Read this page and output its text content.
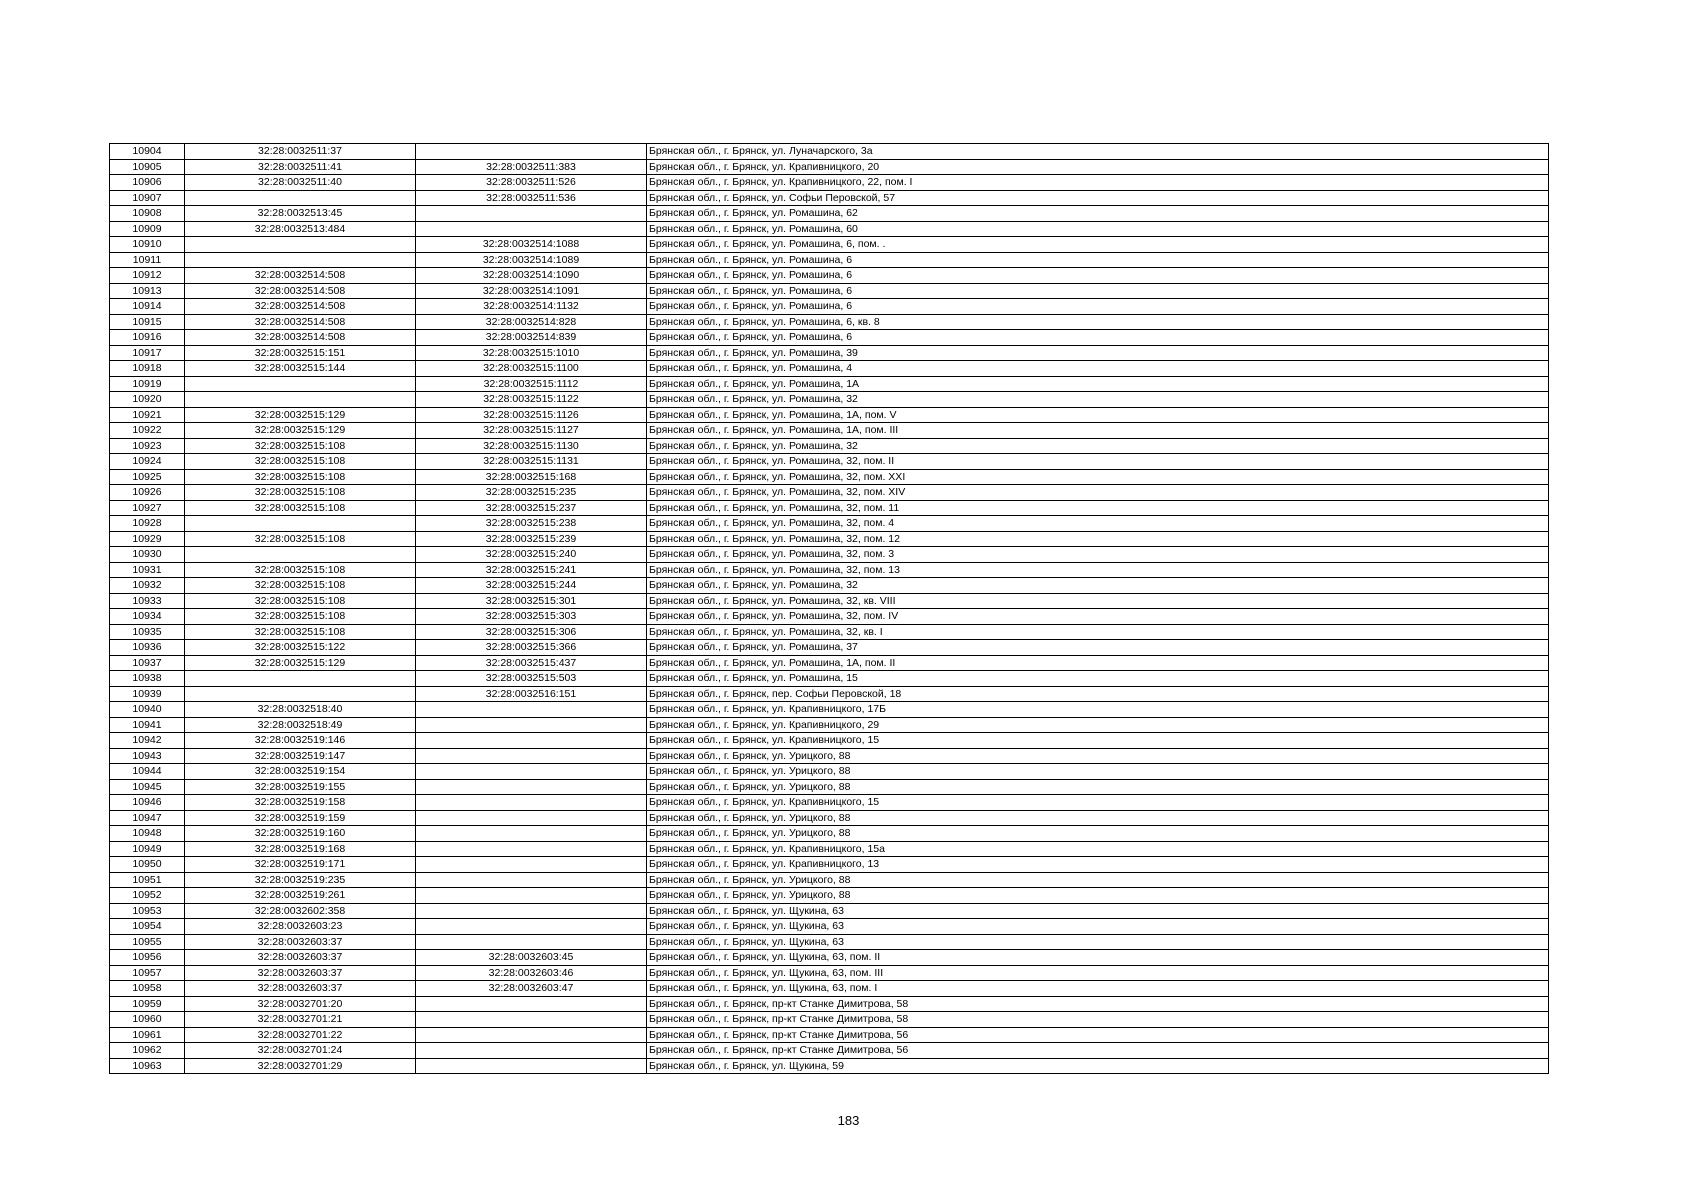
10904	32:28:0032511:37		Брянская обл., г. Брянск, ул. Луначарского, 3а
10905	32:28:0032511:41	32:28:0032511:383	Брянская обл., г. Брянск, ул. Крапивницкого, 20
10906	32:28:0032511:40	32:28:0032511:526	Брянская обл., г. Брянск, ул. Крапивницкого, 22, пом. I
10907		32:28:0032511:536	Брянская обл., г. Брянск, ул. Софьи Перовской, 57
10908	32:28:0032513:45		Брянская обл., г. Брянск, ул. Ромашина, 62
10909	32:28:0032513:484		Брянская обл., г. Брянск, ул. Ромашина, 60
10910		32:28:0032514:1088	Брянская обл., г. Брянск, ул. Ромашина, 6, пом. .
10911		32:28:0032514:1089	Брянская обл., г. Брянск, ул. Ромашина, 6
10912	32:28:0032514:508	32:28:0032514:1090	Брянская обл., г. Брянск, ул. Ромашина, 6
10913	32:28:0032514:508	32:28:0032514:1091	Брянская обл., г. Брянск, ул. Ромашина, 6
10914	32:28:0032514:508	32:28:0032514:1132	Брянская обл., г. Брянск, ул. Ромашина, 6
10915	32:28:0032514:508	32:28:0032514:828	Брянская обл., г. Брянск, ул. Ромашина, 6, кв. 8
10916	32:28:0032514:508	32:28:0032514:839	Брянская обл., г. Брянск, ул. Ромашина, 6
10917	32:28:0032515:151	32:28:0032515:1010	Брянская обл., г. Брянск, ул. Ромашина, 39
10918	32:28:0032515:144	32:28:0032515:1100	Брянская обл., г. Брянск, ул. Ромашина, 4
10919		32:28:0032515:1112	Брянская обл., г. Брянск, ул. Ромашина, 1А
10920		32:28:0032515:1122	Брянская обл., г. Брянск, ул. Ромашина, 32
10921	32:28:0032515:129	32:28:0032515:1126	Брянская обл., г. Брянск, ул. Ромашина, 1А, пом. V
10922	32:28:0032515:129	32:28:0032515:1127	Брянская обл., г. Брянск, ул. Ромашина, 1А, пом. III
10923	32:28:0032515:108	32:28:0032515:1130	Брянская обл., г. Брянск, ул. Ромашина, 32
10924	32:28:0032515:108	32:28:0032515:1131	Брянская обл., г. Брянск, ул. Ромашина, 32, пом. II
10925	32:28:0032515:108	32:28:0032515:168	Брянская обл., г. Брянск, ул. Ромашина, 32, пом. XXI
10926	32:28:0032515:108	32:28:0032515:235	Брянская обл., г. Брянск, ул. Ромашина, 32, пом. XIV
10927	32:28:0032515:108	32:28:0032515:237	Брянская обл., г. Брянск, ул. Ромашина, 32, пом. 11
10928		32:28:0032515:238	Брянская обл., г. Брянск, ул. Ромашина, 32, пом. 4
10929	32:28:0032515:108	32:28:0032515:239	Брянская обл., г. Брянск, ул. Ромашина, 32, пом. 12
10930		32:28:0032515:240	Брянская обл., г. Брянск, ул. Ромашина, 32, пом. 3
10931	32:28:0032515:108	32:28:0032515:241	Брянская обл., г. Брянск, ул. Ромашина, 32, пом. 13
10932	32:28:0032515:108	32:28:0032515:244	Брянская обл., г. Брянск, ул. Ромашина, 32
10933	32:28:0032515:108	32:28:0032515:301	Брянская обл., г. Брянск, ул. Ромашина, 32, кв. VIII
10934	32:28:0032515:108	32:28:0032515:303	Брянская обл., г. Брянск, ул. Ромашина, 32, пом. IV
10935	32:28:0032515:108	32:28:0032515:306	Брянская обл., г. Брянск, ул. Ромашина, 32, кв. I
10936	32:28:0032515:122	32:28:0032515:366	Брянская обл., г. Брянск, ул. Ромашина, 37
10937	32:28:0032515:129	32:28:0032515:437	Брянская обл., г. Брянск, ул. Ромашина, 1А, пом. II
10938		32:28:0032515:503	Брянская обл., г. Брянск, ул. Ромашина, 15
10939		32:28:0032516:151	Брянская обл., г. Брянск, пер. Софьи Перовской, 18
10940	32:28:0032518:40		Брянская обл., г. Брянск, ул. Крапивницкого, 17Б
10941	32:28:0032518:49		Брянская обл., г. Брянск, ул. Крапивницкого, 29
10942	32:28:0032519:146		Брянская обл., г. Брянск, ул. Крапивницкого, 15
10943	32:28:0032519:147		Брянская обл., г. Брянск, ул. Урицкого, 88
10944	32:28:0032519:154		Брянская обл., г. Брянск, ул. Урицкого, 88
10945	32:28:0032519:155		Брянская обл., г. Брянск, ул. Урицкого, 88
10946	32:28:0032519:158		Брянская обл., г. Брянск, ул. Крапивницкого, 15
10947	32:28:0032519:159		Брянская обл., г. Брянск, ул. Урицкого, 88
10948	32:28:0032519:160		Брянская обл., г. Брянск, ул. Урицкого, 88
10949	32:28:0032519:168		Брянская обл., г. Брянск, ул. Крапивницкого, 15а
10950	32:28:0032519:171		Брянская обл., г. Брянск, ул. Крапивницкого, 13
10951	32:28:0032519:235		Брянская обл., г. Брянск, ул. Урицкого, 88
10952	32:28:0032519:261		Брянская обл., г. Брянск, ул. Урицкого, 88
10953	32:28:0032602:358		Брянская обл., г. Брянск, ул. Щукина, 63
10954	32:28:0032603:23		Брянская обл., г. Брянск, ул. Щукина, 63
10955	32:28:0032603:37		Брянская обл., г. Брянск, ул. Щукина, 63
10956	32:28:0032603:37	32:28:0032603:45	Брянская обл., г. Брянск, ул. Щукина, 63, пом. II
10957	32:28:0032603:37	32:28:0032603:46	Брянская обл., г. Брянск, ул. Щукина, 63, пом. III
10958	32:28:0032603:37	32:28:0032603:47	Брянская обл., г. Брянск, ул. Щукина, 63, пом. I
10959	32:28:0032701:20		Брянская обл., г. Брянск, пр-кт Станке Димитрова, 58
10960	32:28:0032701:21		Брянская обл., г. Брянск, пр-кт Станке Димитрова, 58
10961	32:28:0032701:22		Брянская обл., г. Брянск, пр-кт Станке Димитрова, 56
10962	32:28:0032701:24		Брянская обл., г. Брянск, пр-кт Станке Димитрова, 56
10963	32:28:0032701:29		Брянская обл., г. Брянск, ул. Щукина, 59
183
